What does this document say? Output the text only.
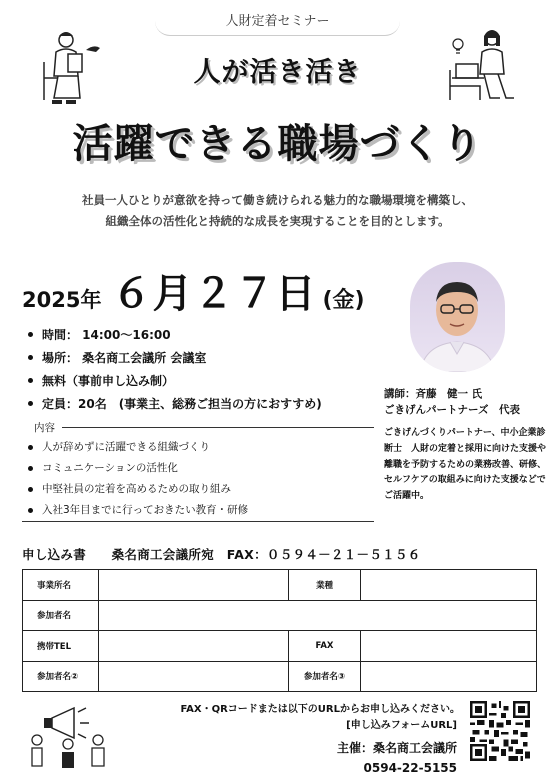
人財定着セミナー
人が活き活き
活躍できる職場づくり
社員一人ひとりが意欲を持って働き続けられる魅力的な職場環境を構築し、
組織全体の活性化と持続的な成長を実現することを目的とします。
2025年 ６月２７日 (金)
時間： 14:00～16:00
場所： 桑名商工会議所 会議室
無料（事前申し込み制）
定員：20名　(事業主、総務ご担当の方におすすめ)
内容
人が辞めずに活躍できる組織づくり
コミュニケーションの活性化
中堅社員の定着を高めるための取り組み
入社3年目までに行っておきたい教育・研修
講師：斉藤　健一 氏
ごきげんパートナーズ　代表
ごきげんづくりパートナー、中小企業診断士　人財の定着と採用に向けた支援や離職を予防するための業務改善、研修、セルフケアの取組みに向けた支援などでご活躍中。
申し込み書　　桑名商工会議所宛　FAX：０５９４－２１－５１５６
事業所名		業種	
参加者名			
携帯TEL		FAX	
参加者名②		参加者名③	
FAX・QRコードまたは以下のURLからお申し込みください。
[申し込みフォームURL]
主催：桑名商工会議所
0594-22-5155
